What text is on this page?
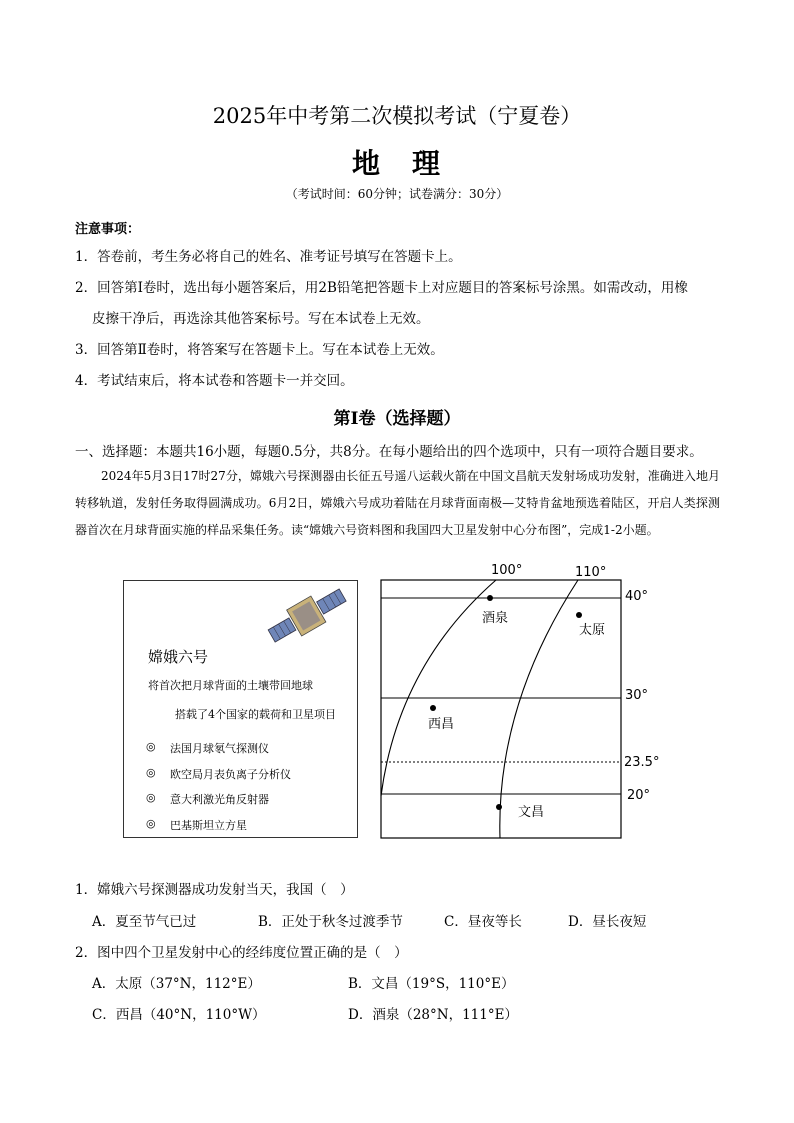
2025年中考第二次模拟考试（宁夏卷）
地　理
（考试时间：60分钟；试卷满分：30分）
注意事项：
1．答卷前，考生务必将自己的姓名、准考证号填写在答题卡上。
2．回答第Ⅰ卷时，选出每小题答案后，用2B铅笔把答题卡上对应题目的答案标号涂黑。如需改动，用橡
皮擦干净后，再选涂其他答案标号。写在本试卷上无效。
3．回答第Ⅱ卷时，将答案写在答题卡上。写在本试卷上无效。
4．考试结束后，将本试卷和答题卡一并交回。
第Ⅰ卷（选择题）
一、选择题：本题共16小题，每题0.5分，共8分。在每小题给出的四个选项中，只有一项符合题目要求。
2024年5月3日17时27分，嫦娥六号探测器由长征五号遥八运载火箭在中国文昌航天发射场成功发射，准确进入地月转移轨道，发射任务取得圆满成功。6月2日，嫦娥六号成功着陆在月球背面南极—艾特肯盆地预选着陆区，开启人类探测器首次在月球背面实施的样品采集任务。读“嫦娥六号资料图和我国四大卫星发射中心分布图”，完成1-2小题。
嫦娥六号
将首次把月球背面的土壤带回地球
搭载了4个国家的载荷和卫星项目
◎ 法国月球氡气探测仪
◎ 欧空局月表负离子分析仪
◎ 意大利激光角反射器
◎ 巴基斯坦立方星
100°	110°
40°
30°
23.5°
20°
酒泉
太原
西昌
文昌
1．嫦娥六号探测器成功发射当天，我国（　）
A．夏至节气已过	B．正处于秋冬过渡季节	C．昼夜等长	D．昼长夜短
2．图中四个卫星发射中心的经纬度位置正确的是（　）
A．太原（37°N，112°E）	B．文昌（19°S，110°E）
C．西昌（40°N，110°W）	D．酒泉（28°N，111°E）
